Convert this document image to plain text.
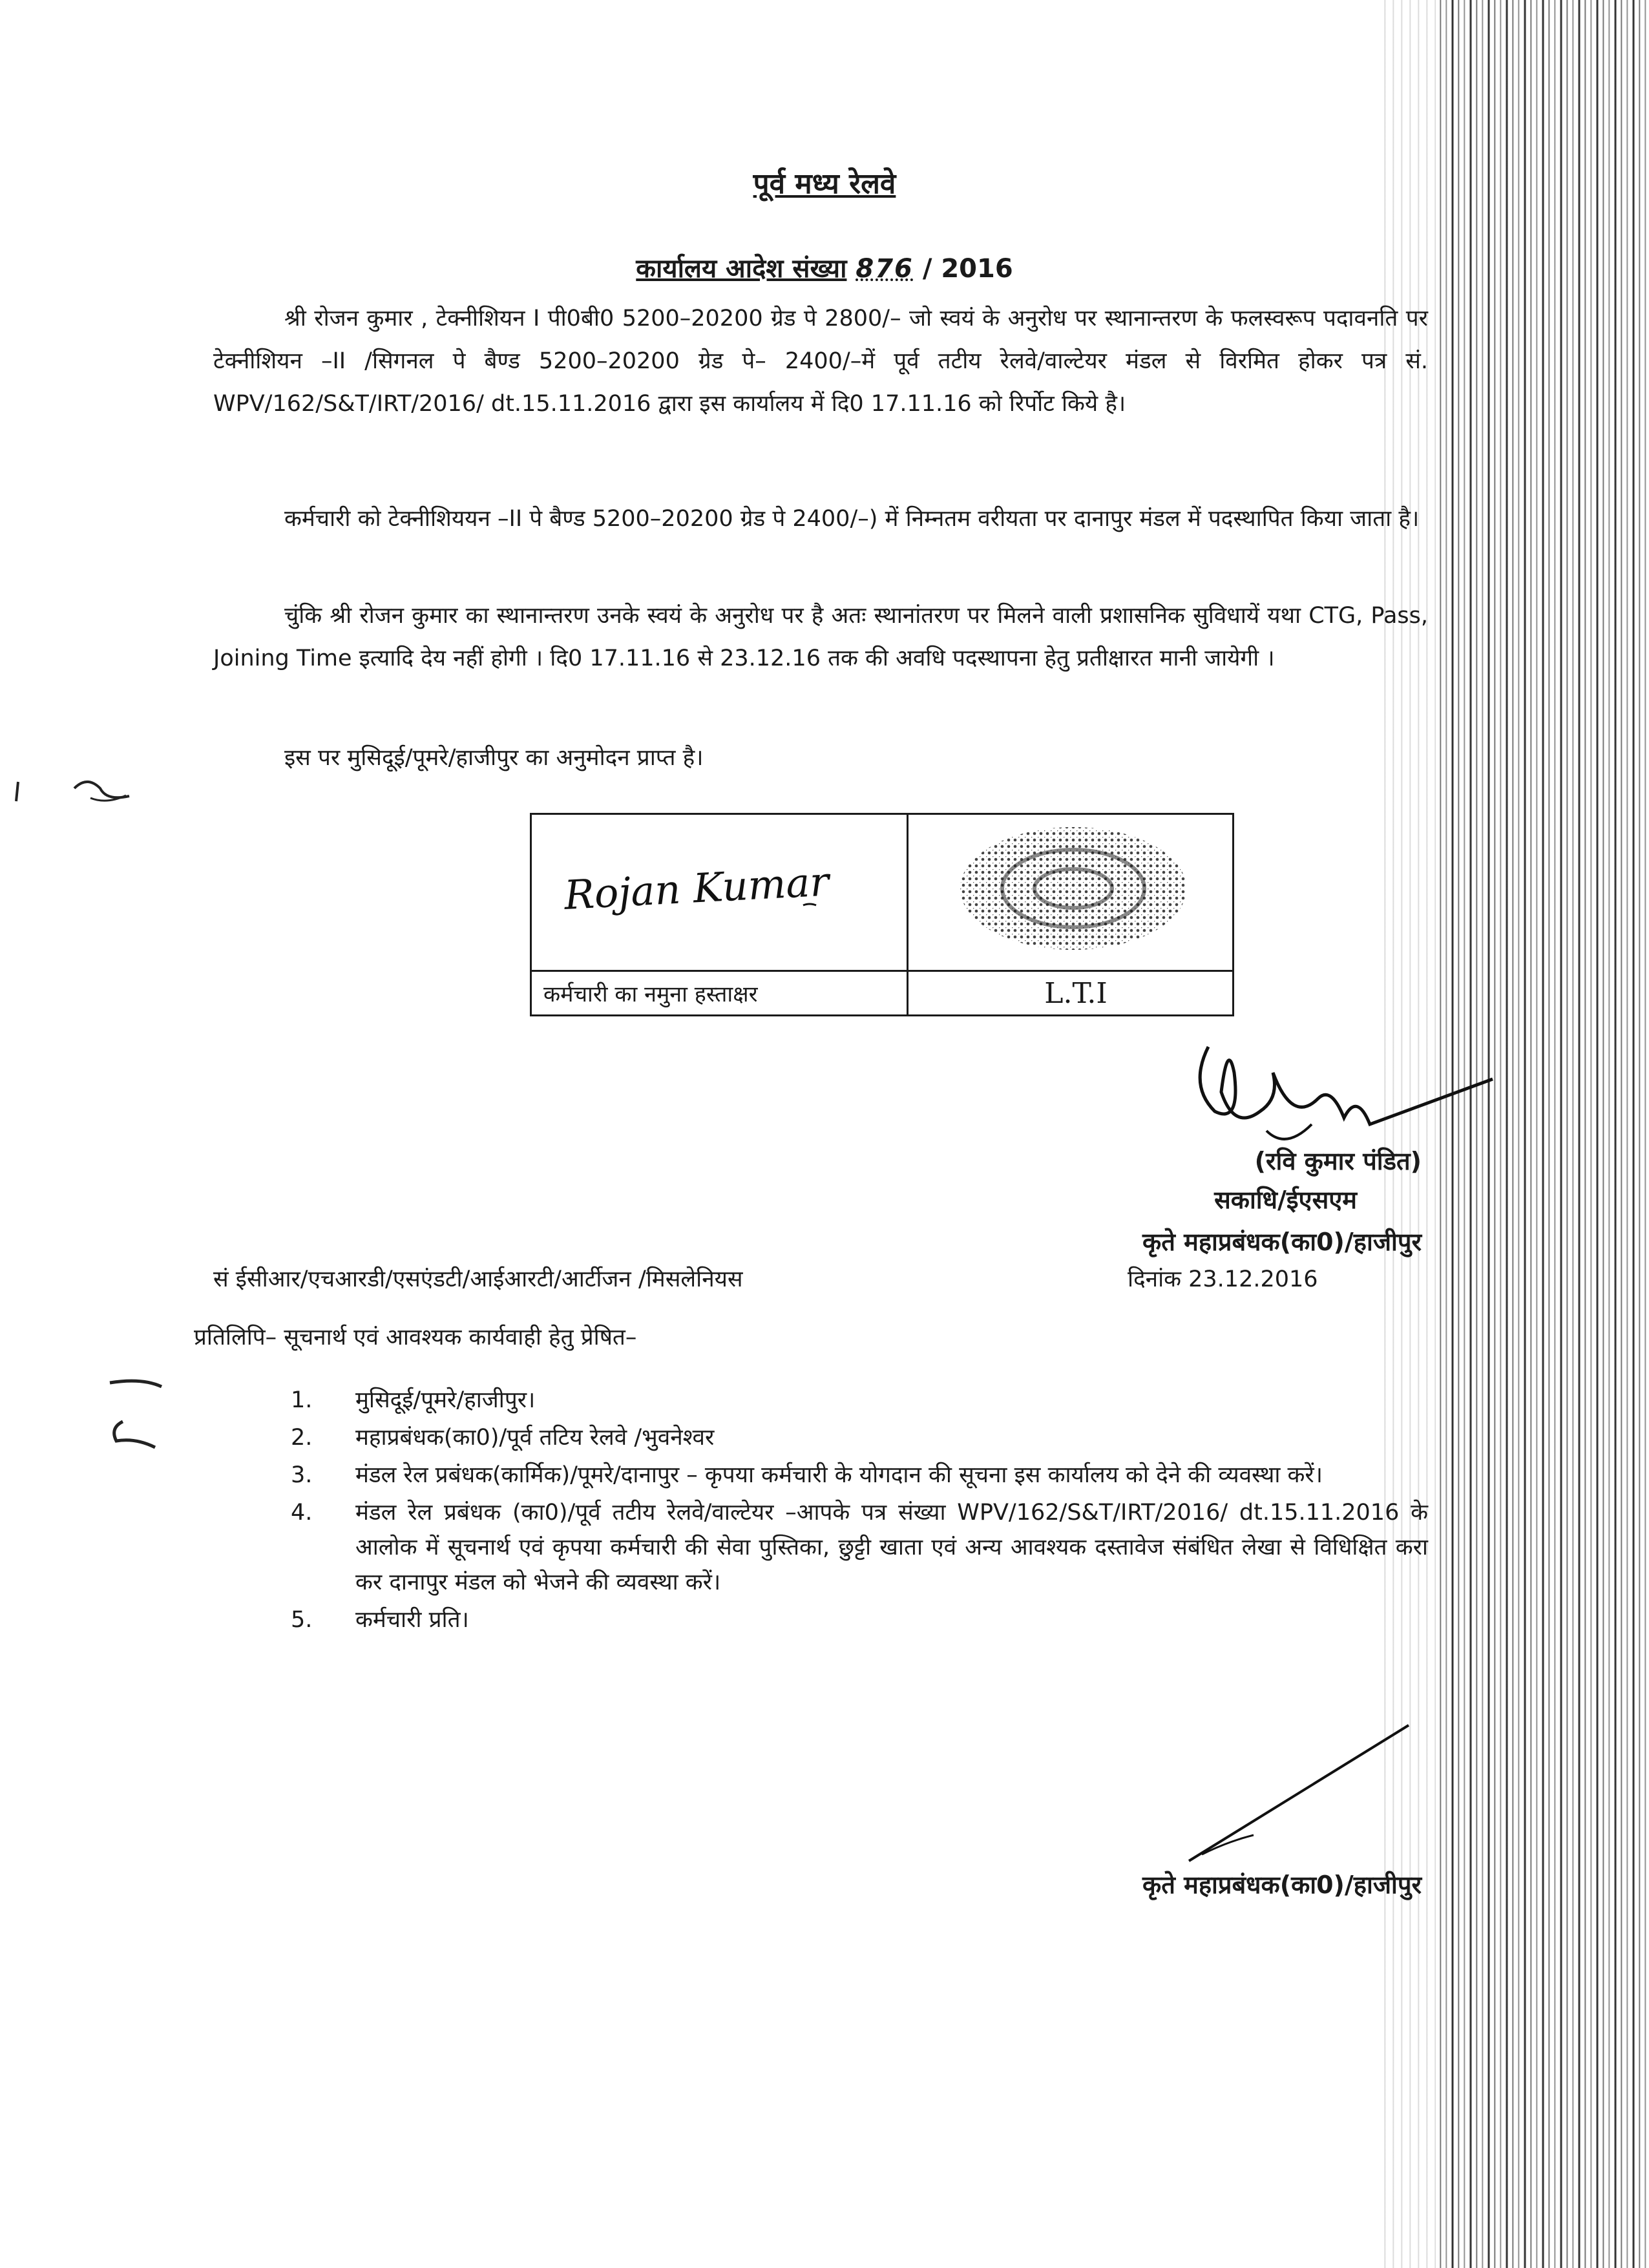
पूर्व मध्य रेलवे
कार्यालय आदेश संख्या 876 / 2016
श्री रोजन कुमार , टेक्नीशियन I पी0बी0 5200–20200 ग्रेड पे 2800/– जो स्वयं के अनुरोध पर स्थानान्तरण के फलस्वरूप पदावनति पर टेक्नीशियन –II /सिगनल पे बैण्ड 5200–20200 ग्रेड पे– 2400/–में पूर्व तटीय रेलवे/वाल्टेयर मंडल से विरमित होकर पत्र सं. WPV/162/S&T/IRT/2016/ dt.15.11.2016 द्वारा इस कार्यालय में दि0 17.11.16 को रिर्पोट किये है।
कर्मचारी को टेक्नीशिययन –II पे बैण्ड 5200–20200 ग्रेड पे 2400/–) में निम्नतम वरीयता पर दानापुर मंडल में पदस्थापित किया जाता है।
चुंकि श्री रोजन कुमार का स्थानान्तरण उनके स्वयं के अनुरोध पर है अतः स्थानांतरण पर मिलने वाली प्रशासनिक सुविधायें यथा CTG, Pass, Joining Time इत्यादि देय नहीं होगी । दि0 17.11.16 से 23.12.16 तक की अवधि पदस्थापना हेतु प्रतीक्षारत मानी जायेगी ।
इस पर मुसिदूई/पूमरे/हाजीपुर का अनुमोदन प्राप्त है।
Rojan Kumar

कर्मचारी का नमुना हस्ताक्षर	L.T.I
(रवि कुमार पंडित)
सकाधि/ईएसएम
कृते महाप्रबंधक(का0)/हाजीपुर
सं ईसीआर/एचआरडी/एसएंडटी/आईआरटी/आर्टीजन /मिसलेनियस	दिनांक 23.12.2016
प्रतिलिपि– सूचनार्थ एवं आवश्यक कार्यवाही हेतु प्रेषित–
1. मुसिदूई/पूमरे/हाजीपुर।
2. महाप्रबंधक(का0)/पूर्व तटिय रेलवे /भुवनेश्वर
3. मंडल रेल प्रबंधक(कार्मिक)/पूमरे/दानापुर – कृपया कर्मचारी के योगदान की सूचना इस कार्यालय को देने की व्यवस्था करें।
4. मंडल रेल प्रबंधक (का0)/पूर्व तटीय रेलवे/वाल्टेयर –आपके पत्र संख्या WPV/162/S&T/IRT/2016/ dt.15.11.2016 के आलोक में सूचनार्थ एवं कृपया कर्मचारी की सेवा पुस्तिका, छुट्टी खाता एवं अन्य आवश्यक दस्तावेज संबंधित लेखा से विधिक्षित करा कर दानापुर मंडल को भेजने की व्यवस्था करें।
5. कर्मचारी प्रति।
कृते महाप्रबंधक(का0)/हाजीपुर
